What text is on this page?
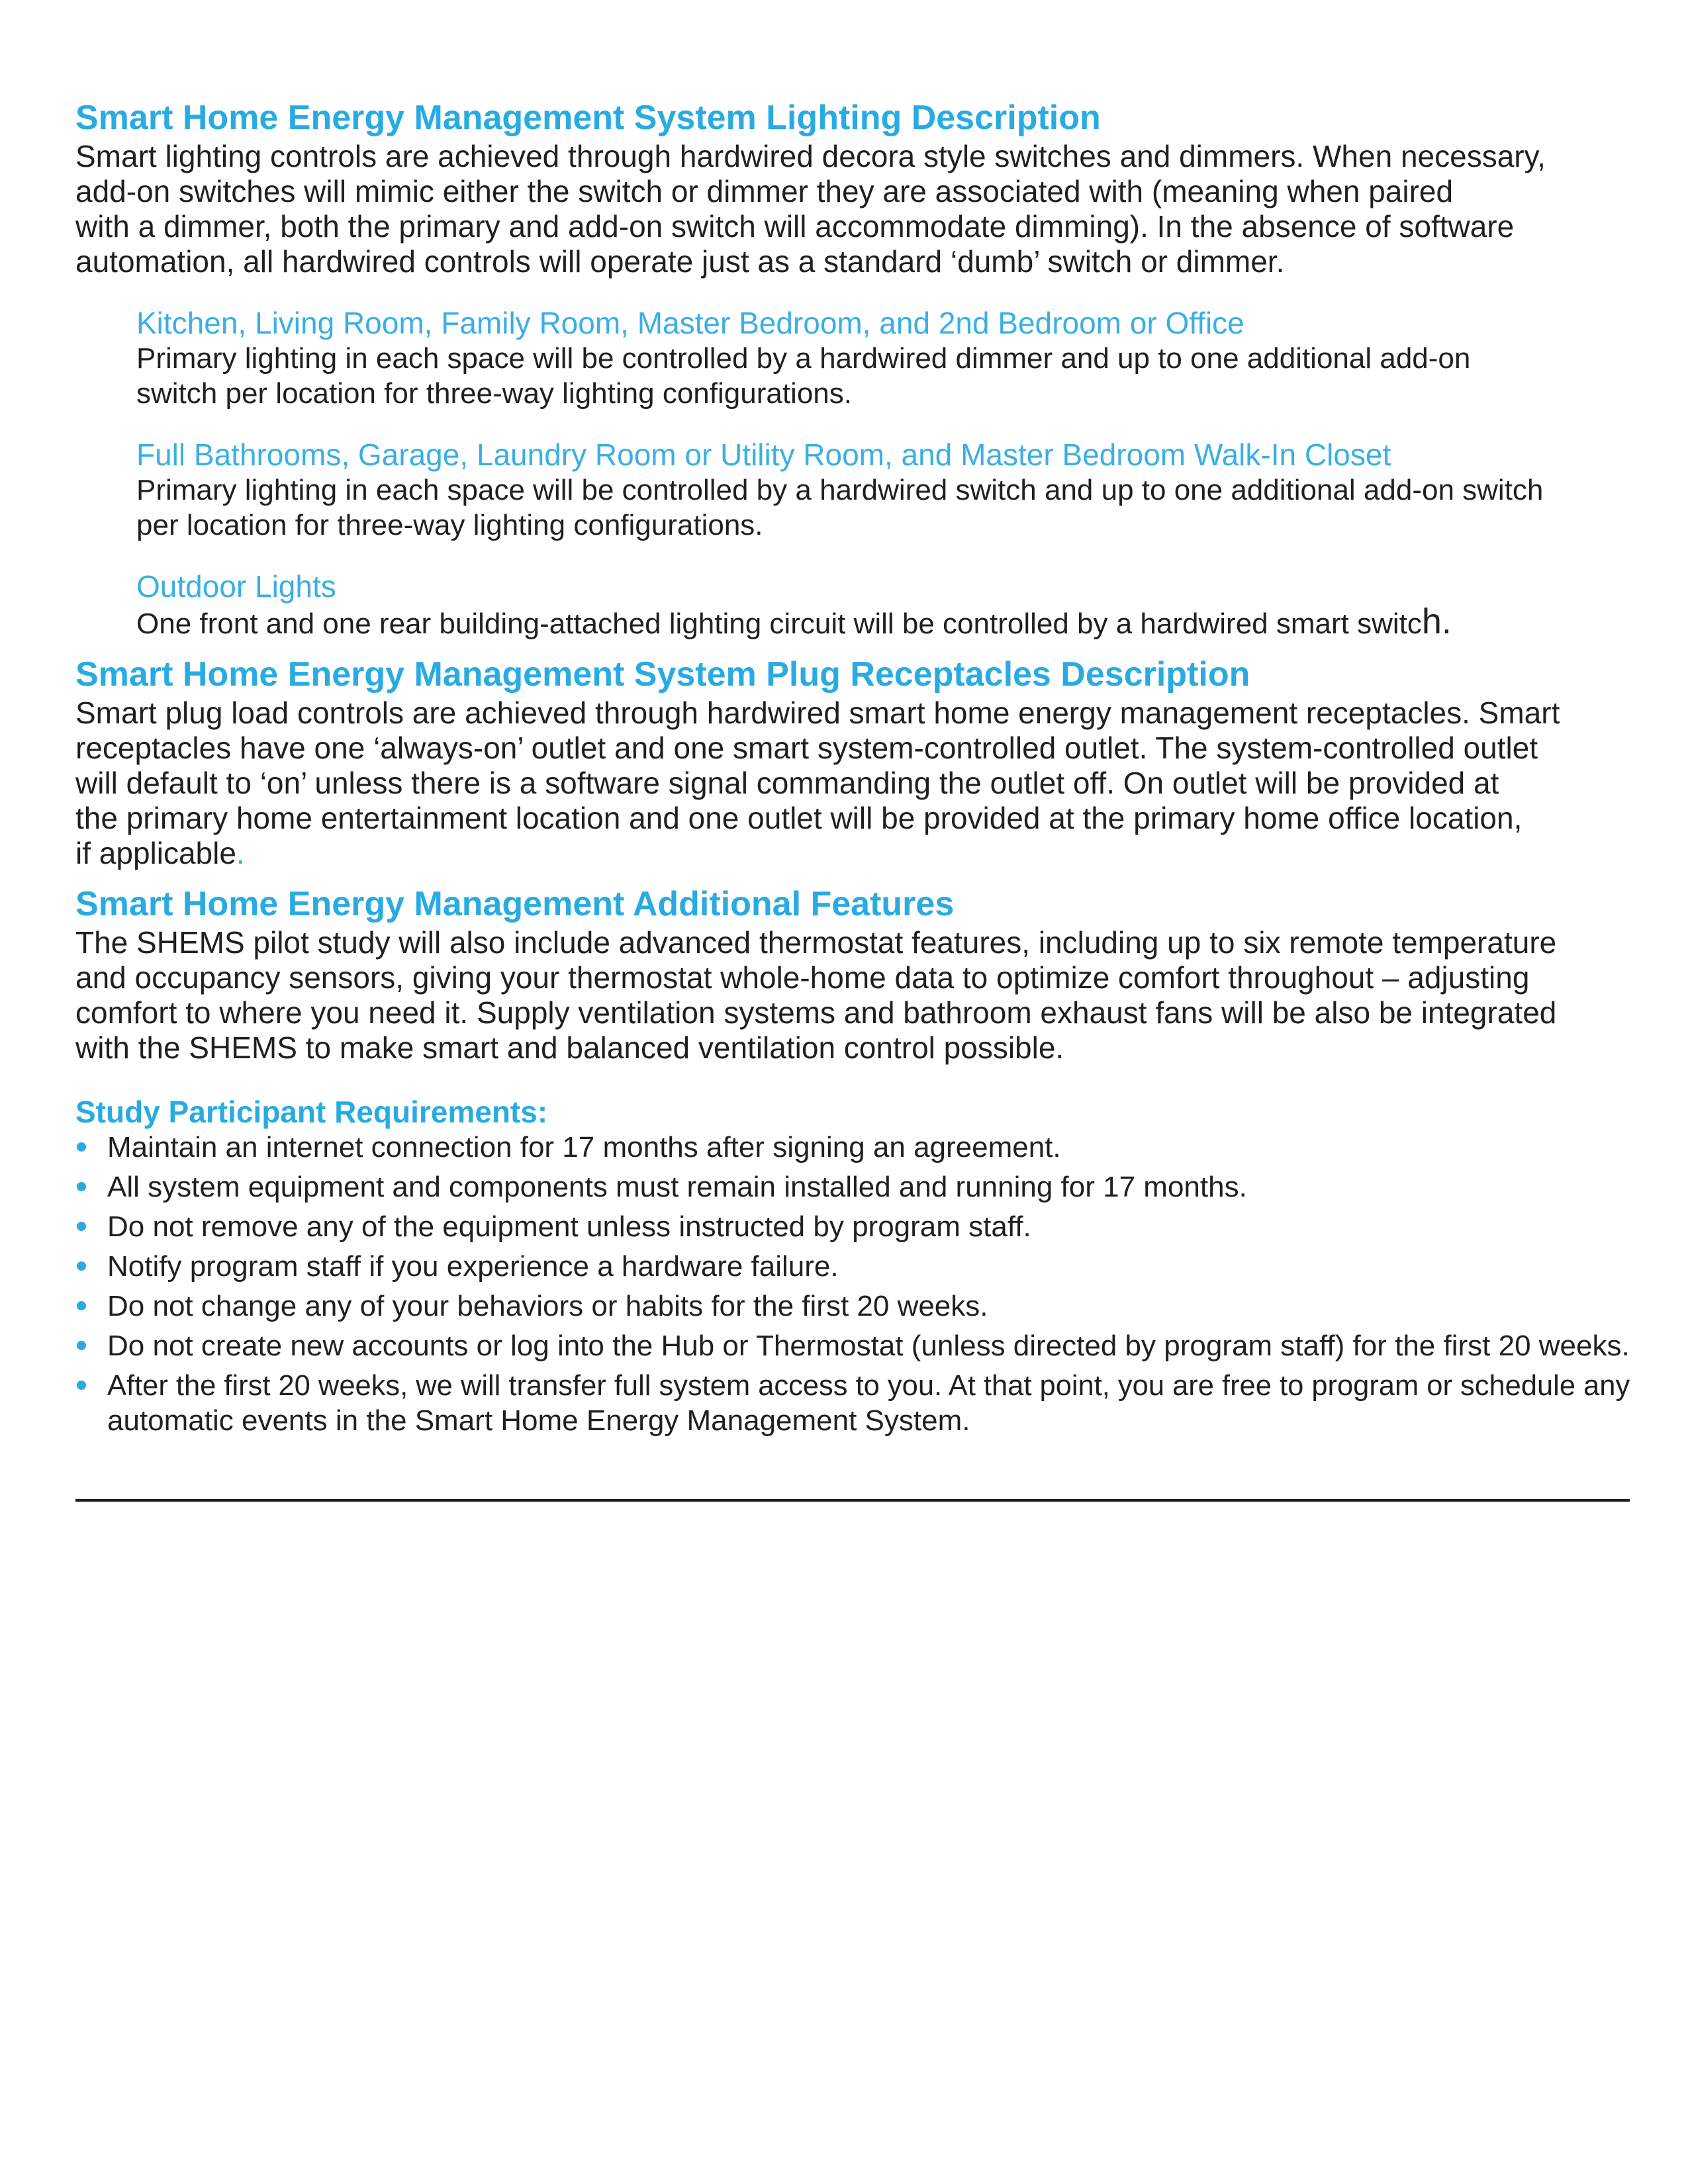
Smart Home Energy Management System Lighting Description
Smart lighting controls are achieved through hardwired decora style switches and dimmers. When necessary,
add-on switches will mimic either the switch or dimmer they are associated with (meaning when paired
with a dimmer, both the primary and add-on switch will accommodate dimming). In the absence of software
automation, all hardwired controls will operate just as a standard ‘dumb’ switch or dimmer.
Kitchen, Living Room, Family Room, Master Bedroom, and 2nd Bedroom or Office
Primary lighting in each space will be controlled by a hardwired dimmer and up to one additional add-on
switch per location for three-way lighting configurations.
Full Bathrooms, Garage, Laundry Room or Utility Room, and Master Bedroom Walk-In Closet
Primary lighting in each space will be controlled by a hardwired switch and up to one additional add-on switch
per location for three-way lighting configurations.
Outdoor Lights
One front and one rear building-attached lighting circuit will be controlled by a hardwired smart switch.
Smart Home Energy Management System Plug Receptacles Description
Smart plug load controls are achieved through hardwired smart home energy management receptacles. Smart
receptacles have one ‘always-on’ outlet and one smart system-controlled outlet. The system-controlled outlet
will default to ‘on’ unless there is a software signal commanding the outlet off. On outlet will be provided at
the primary home entertainment location and one outlet will be provided at the primary home office location,
if applicable.
Smart Home Energy Management Additional Features
The SHEMS pilot study will also include advanced thermostat features, including up to six remote temperature
and occupancy sensors, giving your thermostat whole-home data to optimize comfort throughout – adjusting
comfort to where you need it. Supply ventilation systems and bathroom exhaust fans will be also be integrated
with the SHEMS to make smart and balanced ventilation control possible.

Study Participant Requirements:

Maintain an internet connection for 17 months after signing an agreement.
All system equipment and components must remain installed and running for 17 months.
Do not remove any of the equipment unless instructed by program staff.
Notify program staff if you experience a hardware failure.
Do not change any of your behaviors or habits for the first 20 weeks.
Do not create new accounts or log into the Hub or Thermostat (unless directed by program staff) for the first 20 weeks.
After the first 20 weeks, we will transfer full system access to you. At that point, you are free to program or schedule any
automatic events in the Smart Home Energy Management System.
